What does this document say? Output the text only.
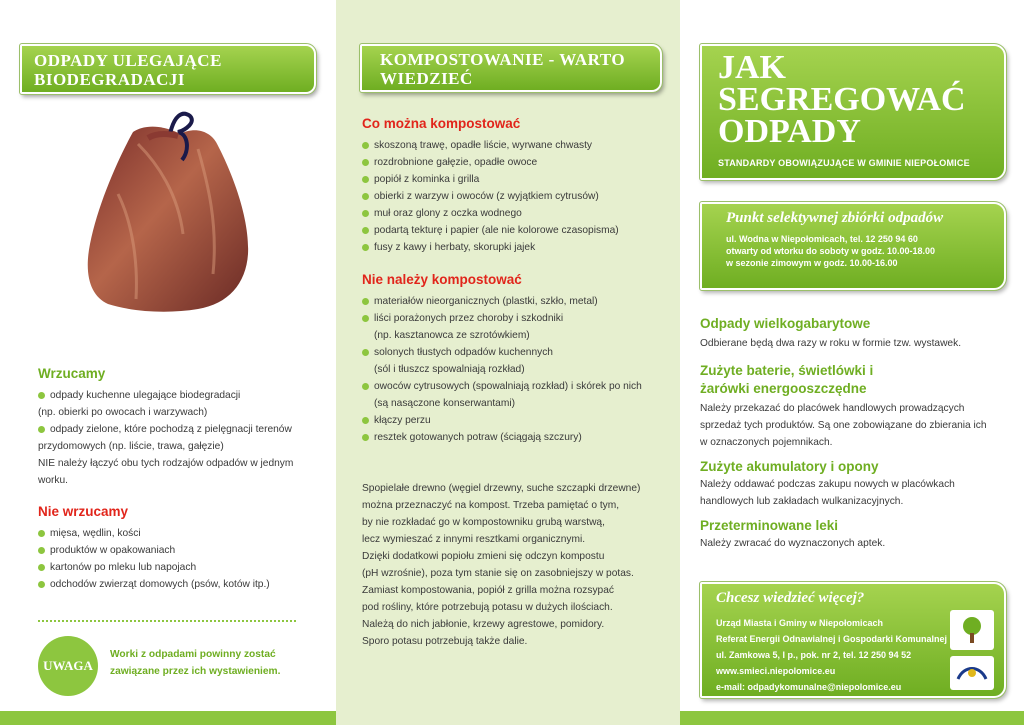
ODPADY ULEGAJĄCE BIODEGRADACJI
Wrzucamy
odpady kuchenne ulegające biodegradacji
(np. obierki po owocach i warzywach)
odpady zielone, które pochodzą z pielęgnacji terenów
przydomowych (np. liście, trawa, gałęzie)
NIE należy łączyć obu tych rodzajów odpadów w jednym
worku.
Nie wrzucamy
mięsa, wędlin, kości
produktów w opakowaniach
kartonów po mleku lub napojach
odchodów zwierząt domowych (psów, kotów itp.)
UWAGA
Worki z odpadami powinny zostać zawiązane przez ich wystawieniem.
KOMPOSTOWANIE - WARTO WIEDZIEĆ
Co można kompostować
skoszoną trawę, opadłe liście, wyrwane chwasty
rozdrobnione gałęzie, opadłe owoce
popiół z kominka i grilla
obierki z warzyw i owoców (z wyjątkiem cytrusów)
muł oraz glony z oczka wodnego
podartą tekturę i papier (ale nie kolorowe czasopisma)
fusy z kawy i herbaty, skorupki jajek
Nie należy kompostować
materiałów nieorganicznych (plastki, szkło, metal)
liści porażonych przez choroby i szkodniki
(np. kasztanowca ze szrotówkiem)
solonych tłustych odpadów kuchennych
(sól i tłuszcz spowalniają rozkład)
owoców cytrusowych (spowalniają rozkład) i skórek po nich
(są nasączone konserwantami)
kłączy perzu
resztek gotowanych potraw (ściągają szczury)
Spopielałe drewno (węgiel drzewny, suche szczapki drzewne)
można przeznaczyć na kompost. Trzeba pamiętać o tym,
by nie rozkładać go w kompostowniku grubą warstwą,
lecz wymieszać z innymi resztkami organicznymi.
Dzięki dodatkowi popiołu zmieni się odczyn kompostu
(pH wzrośnie), poza tym stanie się on zasobniejszy w potas.
Zamiast kompostowania, popiół z grilla można rozsypać
pod rośliny, które potrzebują potasu w dużych ilościach.
Należą do nich jabłonie, krzewy agrestowe, pomidory.
Sporo potasu potrzebują także dalie.
JAK SEGREGOWAĆ ODPADY
STANDARDY OBOWIĄZUJĄCE W GMINIE NIEPOŁOMICE
Punkt selektywnej zbiórki odpadów
ul. Wodna w Niepołomicach, tel. 12 250 94 60
otwarty od wtorku do soboty w godz. 10.00-18.00
w sezonie zimowym w godz. 10.00-16.00
Odpady wielkogabarytowe
Odbierane będą dwa razy w roku w formie tzw. wystawek.
Zużyte baterie, świetlówki i żarówki energooszczędne
Należy przekazać do placówek handlowych prowadzących
sprzedaż tych produktów. Są one zobowiązane do zbierania ich
w oznaczonych pojemnikach.
Zużyte akumulatory i opony
Należy oddawać podczas zakupu nowych w placówkach
handlowych lub zakładach wulkanizacyjnych.
Przeterminowane leki
Należy zwracać do wyznaczonych aptek.
Chcesz wiedzieć więcej?
Urząd Miasta i Gminy w Niepołomicach
Referat Energii Odnawialnej i Gospodarki Komunalnej
ul. Zamkowa 5, I p., pok. nr 2, tel. 12 250 94 52
www.smieci.niepolomice.eu
e-mail: odpadykomunalne@niepolomice.eu
